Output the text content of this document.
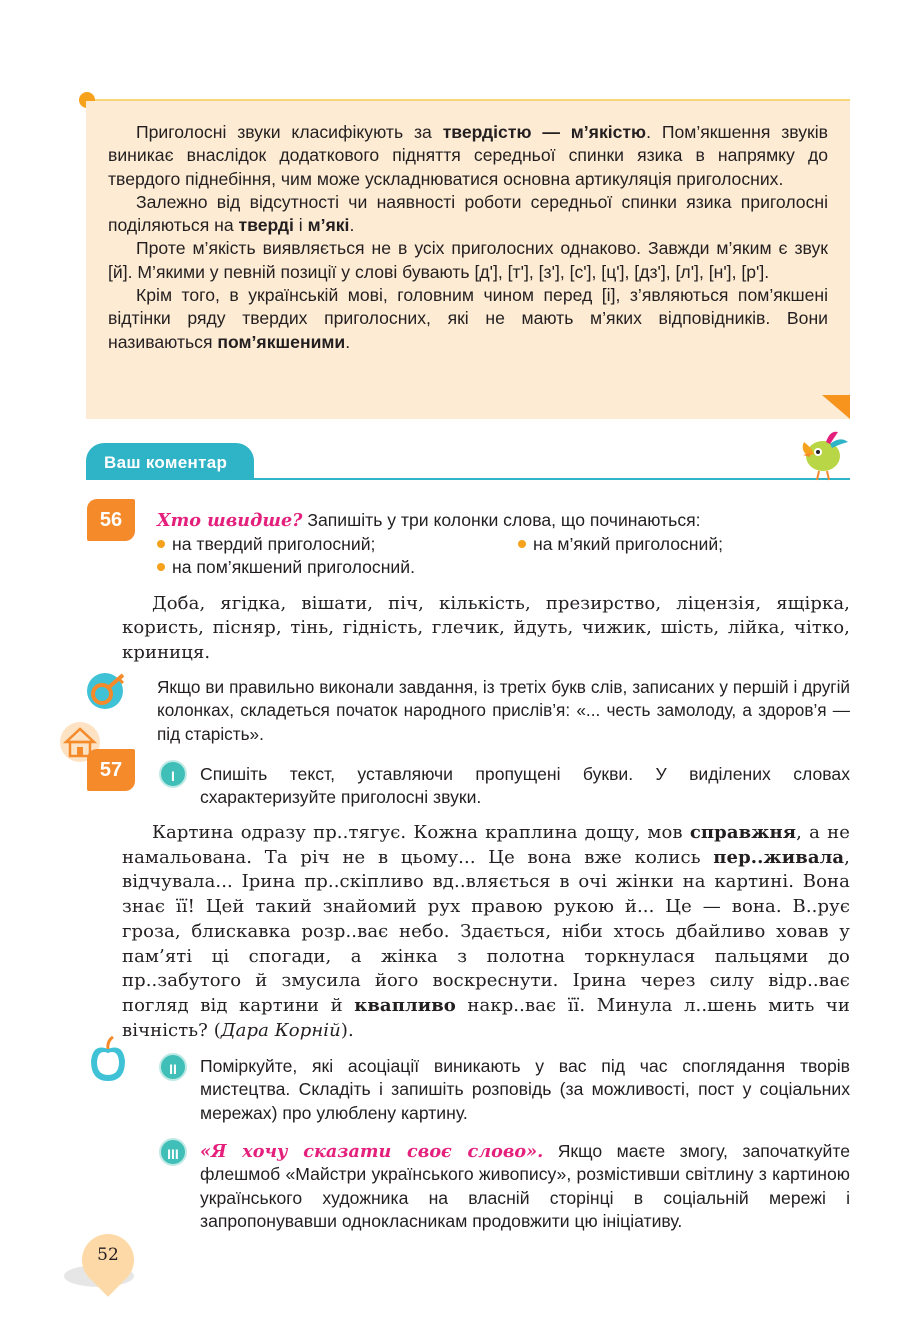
Приголосні звуки класифікують за твердістю — м’якістю. Пом’якшення звуків виникає внаслідок додаткового підняття середньої спинки язика в напрямку до твердого піднебіння, чим може ускладнюватися основна артикуляція приголосних.

Залежно від відсутності чи наявності роботи середньої спинки язика приголосні поділяються на тверді і м’які.

Проте м’якість виявляється не в усіх приголосних однаково. Завжди м’яким є звук [й]. М’якими у певній позиції у слові бувають [д'], [т'], [з'], [с'], [ц'], [дз'], [л'], [н'], [р'].

Крім того, в українській мові, головним чином перед [і], з’являються пом’якшені відтінки ряду твердих приголосних, які не мають м’яких відповідників. Вони називаються пом’якшеними.

Ваш коментар
56	Хто швидше? Запишіть у три колонки слова, що починаються:
на твердий приголосний;	на м’який приголосний;
на пом’якшений приголосний.
Доба, ягідка, вішати, піч, кількість, презирство, ліцензія, ящірка, користь, пісняр, тінь, гідність, глечик, йдуть, чижик, шість, лійка, чітко, криниця.
Якщо ви правильно виконали завдання, із третіх букв слів, записаних у першій і другій колонках, складеться початок народного прислів’я: «... честь замолоду, а здоров’я — під старість».
57	I	Спишіть текст, уставляючи пропущені букви. У виділених словах схарактеризуйте приголосні звуки.
Картина одразу пр..тягує. Кожна краплина дощу, мов справжня, а не намальована. Та річ не в цьому... Це вона вже колись пер..живала, відчувала... Ірина пр..скіпливо вд..вляється в очі жінки на картині. Вона знає її! Цей такий знайомий рух правою рукою й... Це — вона. В..рує гроза, блискавка розр..ває небо. Здається, ніби хтось дбайливо ховав у пам’яті ці спогади, а жінка з полотна торкнулася пальцями до пр..забутого й змусила його воскреснути. Ірина через силу відр..ває погляд від картини й квапливо накр..ває її. Минула л..шень мить чи вічність? (Дара Корній).
II	Поміркуйте, які асоціації виникають у вас під час споглядання творів мистецтва. Складіть і запишіть розповідь (за можливості, пост у соціальних мережах) про улюблену картину.
III	«Я хочу сказати своє слово». Якщо маєте змогу, започаткуйте флешмоб «Майстри українського живопису», розмістивши світлину з картиною українського художника на власній сторінці в соціальній мережі і запропонувавши однокласникам продовжити цю ініціативу.
52
